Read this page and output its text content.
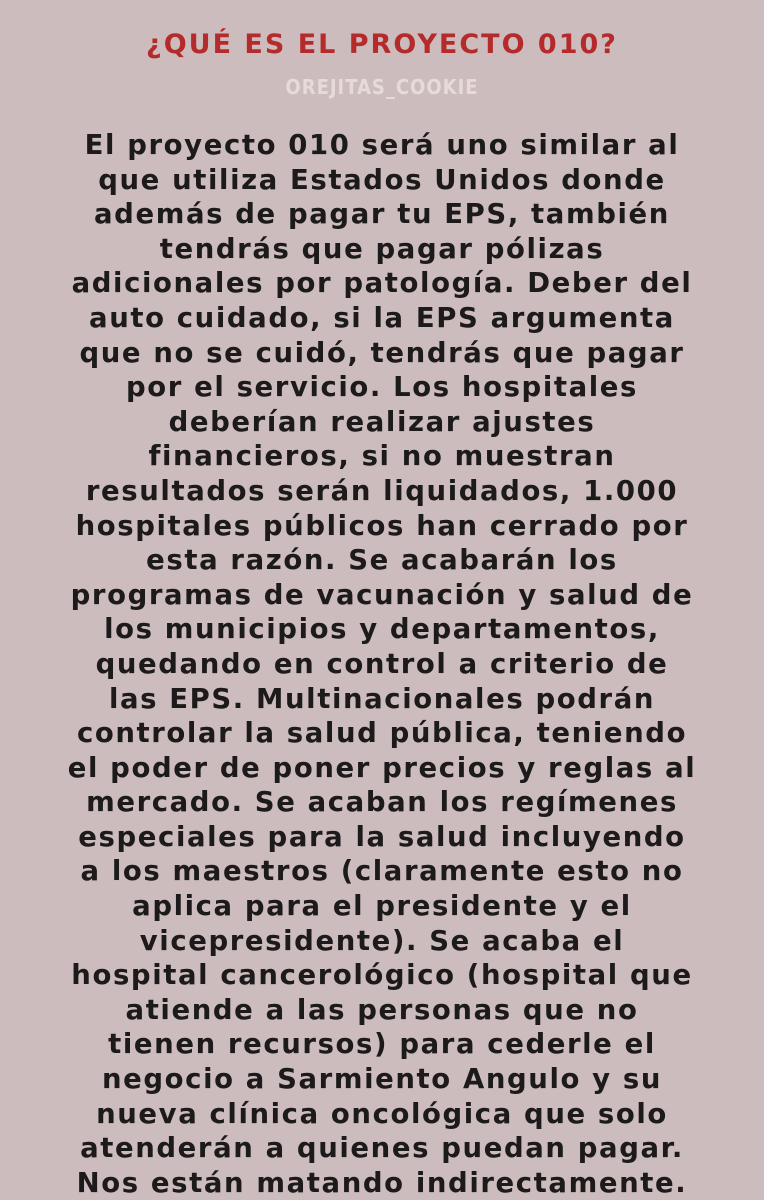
¿QUÉ ES EL PROYECTO 010?
OREJITAS_COOKIE
El proyecto 010 será uno similar al
que utiliza Estados Unidos donde
además de pagar tu EPS, también
tendrás que pagar pólizas
adicionales por patología. Deber del
auto cuidado, si la EPS argumenta
que no se cuidó, tendrás que pagar
por el servicio. Los hospitales
deberían realizar ajustes
financieros, si no muestran
resultados serán liquidados, 1.000
hospitales públicos han cerrado por
esta razón. Se acabarán los
programas de vacunación y salud de
los municipios y departamentos,
quedando en control a criterio de
las EPS. Multinacionales podrán
controlar la salud pública, teniendo
el poder de poner precios y reglas al
mercado. Se acaban los regímenes
especiales para la salud incluyendo
a los maestros (claramente esto no
aplica para el presidente y el
vicepresidente). Se acaba el
hospital cancerológico (hospital que
atiende a las personas que no
tienen recursos) para cederle el
negocio a Sarmiento Angulo y su
nueva clínica oncológica que solo
atenderán a quienes puedan pagar.
Nos están matando indirectamente.
